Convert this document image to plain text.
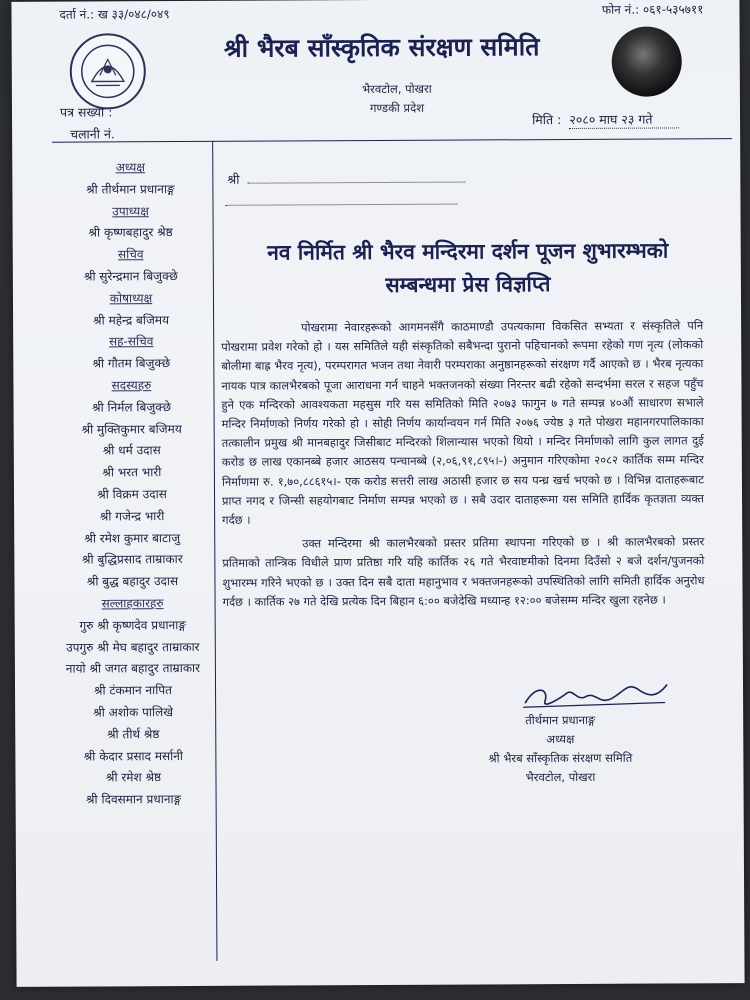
दर्ता नं.: ख ३३/०४८/०४९	फोन नं.: ०६१-५३५७११
श्री भैरब साँस्कृतिक संरक्षण समिति
भैरवटोल, पोखरा
गण्डकी प्रदेश
पत्र सख्या :
चलानी नं.
मिति : २०८० माघ २३ गते
अध्यक्ष
श्री तीर्थमान प्रधानाङ्ग
उपाध्यक्ष
श्री कृष्णबहादुर श्रेष्ठ
सचिव
श्री सुरेन्द्रमान बिजुक्छे
कोषाध्यक्ष
श्री महेन्द्र बजिमय
सह-सचिव
श्री गौतम बिजुक्छे
सदस्यहरु
श्री निर्मल बिजुक्छे
श्री मुक्तिकुमार बजिमय
श्री धर्म उदास
श्री भरत भारी
श्री विक्रम उदास
श्री गजेन्द्र भारी
श्री रमेश कुमार बाटाजु
श्री बुद्धिप्रसाद ताम्राकार
श्री बुद्ध बहादुर उदास
सल्लाहकारहरु
गुरु श्री कृष्णदेव प्रधानाङ्ग
उपगुरु श्री मेघ बहादुर ताम्राकार
नायो श्री जगत बहादुर ताम्राकार
श्री टंकमान नापित
श्री अशोक पालिखे
श्री तीर्थ श्रेष्ठ
श्री केदार प्रसाद मर्सानी
श्री रमेश श्रेष्ठ
श्री दिवसमान प्रधानाङ्ग
श्री
नव निर्मित श्री भैरव मन्दिरमा दर्शन पूजन शुभारम्भको
सम्बन्धमा प्रेस विज्ञप्ति

पोखरामा नेवारहरूको आगमनसँगै काठमाण्डौ उपत्यकामा विकसित सभ्यता र संस्कृतिले पनि पोखरामा प्रवेश गरेको हो । यस समितिले यही संस्कृतिको सबैभन्दा पुरानो पहिचानको रूपमा रहेको गण नृत्य (लोकको बोलीमा बाह्र भैरव नृत्य), परम्परागत भजन तथा नेवारी परम्पराका अनुष्ठानहरूको संरक्षण गर्दै आएको छ । भैरब नृत्यका नायक पात्र कालभैरबको पूजा आराधना गर्न चाहने भक्तजनको संख्या निरन्तर बढी रहेको सन्दर्भमा सरल र सहज पहुँच हुने एक मन्दिरको आवश्यकता महसुस गरि यस समितिको मिति २०७३ फागुन ७ गते सम्पन्न ४०औं साधारण सभाले मन्दिर निर्माणको निर्णय गरेको हो । सोही निर्णय कार्यान्वयन गर्न मिति २०७६ ज्येष्ठ ३ गते पोखरा महानगरपालिकाका तत्कालीन प्रमुख श्री मानबहादुर जिसीबाट मन्दिरको शिलान्यास भएको थियो । मन्दिर निर्माणको लागि कुल लागत दुई करोड छ लाख एकानब्बे हजार आठसय पन्चानब्बे (२,०६,९१,८९५।-) अनुमान गरिएकोमा २०८२ कार्तिक सम्म मन्दिर निर्माणमा रु. १,७०,८८६१५।- एक करोड सत्तरी लाख अठासी हजार छ सय पन्ध्र खर्च भएको छ । विभिन्न दाताहरूबाट प्राप्त नगद र जिन्सी सहयोगबाट निर्माण सम्पन्न भएको छ । सबै उदार दाताहरूमा यस समिति हार्दिक कृतज्ञता व्यक्त गर्दछ ।

उक्त मन्दिरमा श्री कालभैरबको प्रस्तर प्रतिमा स्थापना गरिएको छ । श्री कालभैरबको प्रस्तर प्रतिमाको तान्त्रिक विधीले प्राण प्रतिष्ठा गरि यहि कार्तिक २६ गते भैरवाष्टमीको दिनमा दिउँसो २ बजे दर्शन/पुजनको शुभारम्भ गरिने भएको छ । उक्त दिन सबै दाता महानुभाव र भक्तजनहरूको उपस्थितिको लागि समिती हार्दिक अनुरोध गर्दछ । कार्तिक २७ गते देखि प्रत्येक दिन बिहान ६:०० बजेदेखि मध्यान्ह १२:०० बजेसम्म मन्दिर खुला रहनेछ ।

तीर्थमान प्रधानाङ्ग
अध्यक्ष
श्री भैरब साँस्कृतिक संरक्षण समिति
भैरवटोल, पोखरा
